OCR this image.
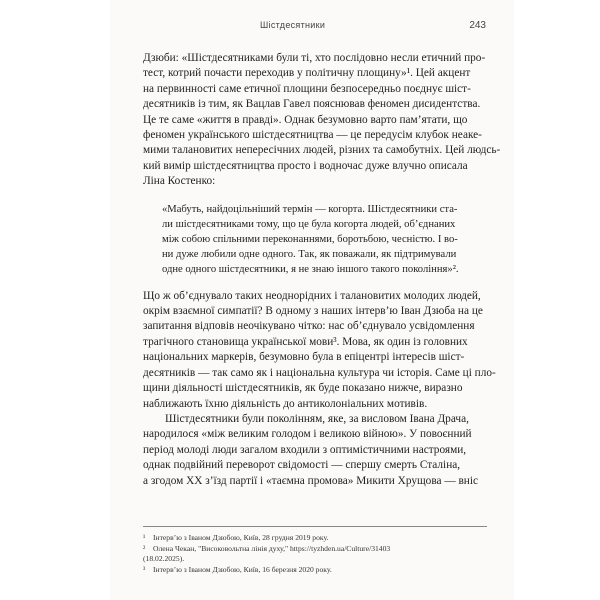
Шістдесятники	243

Дзюби: «Шістдесятниками були ті, хто послідовно несли етичний про-

тест, котрий почасти переходив у політичну площину»¹. Цей акцент

на первинності саме етичної площини безпосередньо поєднує шіст-

десятників із тим, як Вацлав Гавел пояснював феномен дисидентства.

Це те саме «життя в правді». Однак безумовно варто пам’ятати, що

феномен українського шістдесятництва — це передусім клубок неаке-

мими талановитих непересічних людей, різних та самобутніх. Цей людсь-

кий вимір шістдесятництва просто і водночас дуже влучно описала

Ліна Костенко:

«Мабуть, найдоцільніший термін — когорта. Шістдесятники ста-

ли шістдесятниками тому, що це була когорта людей, об’єднаних

між собою спільними переконаннями, боротьбою, чесністю. І во-

ни дуже любили одне одного. Так, як поважали, як підтримували

одне одного шістдесятники, я не знаю іншого такого покоління»².

Що ж об’єднувало таких неоднорідних і талановитих молодих людей,

окрім взаємної симпатії? В одному з наших інтерв’ю Іван Дзюба на це

запитання відповів неочікувано чітко: нас об’єднувало усвідомлення

трагічного становища української мови³. Мова, як один із головних

національних маркерів, безумовно була в епіцентрі інтересів шіст-

десятників — так само як і національна культура чи історія. Саме ці пло-

щини діяльності шістдесятників, як буде показано нижче, виразно

наближають їхню діяльність до антиколоніальних мотивів.

Шістдесятники були поколінням, яке, за висловом Івана Драча,

народилося «між великим голодом і великою війною». У повоєнний

період молоді люди загалом входили з оптимістичними настроями,

однак подвійний переворот свідомості — спершу смерть Сталіна,

а згодом XX з’їзд партії і «таємна промова» Микити Хрущова — вніс

¹ Інтерв’ю з Іваном Дзюбою, Київ, 28 грудня 2019 року.
² Олена Чекан, "Високовольтна лінія духу," https://tyzhden.ua/Culture/31403
(18.02.2025).
³ Інтерв’ю з Іваном Дзюбою, Київ, 16 березня 2020 року.
